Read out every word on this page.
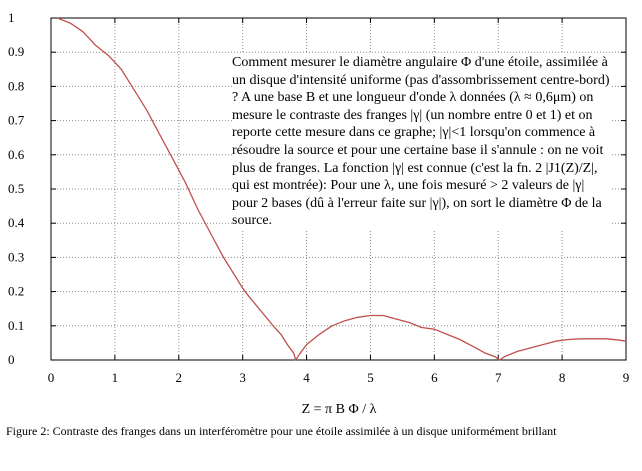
0	1	2	3	4	5	6	7	8	9
0
0.1
0.2
0.3
0.4
0.5
0.6
0.7
0.8
0.9
1
Z = π B Φ / λ

Comment mesurer le diamètre angulaire Φ d'une étoile, assimilée à un disque d'intensité uniforme (pas d'assombrissement centre-bord) ? A une base B et une longueur d'onde λ données (λ ≈ 0,6μm) on mesure le contraste des franges |γ| (un nombre entre 0 et 1) et on reporte cette mesure dans ce graphe; |γ|<1 lorsqu'on commence à résoudre la source et pour une certaine base il s'annule : on ne voit plus de franges. La fonction |γ| est connue (c'est la fn. 2 |J1(Z)/Z|, qui est montrée): Pour une λ, une fois mesuré > 2 valeurs de |γ| pour 2 bases (dû à l'erreur faite sur |γ|), on sort le diamètre Φ de la source.

Figure 2: Contraste des franges dans un interféromètre pour une étoile assimilée à un disque uniformément brillant
